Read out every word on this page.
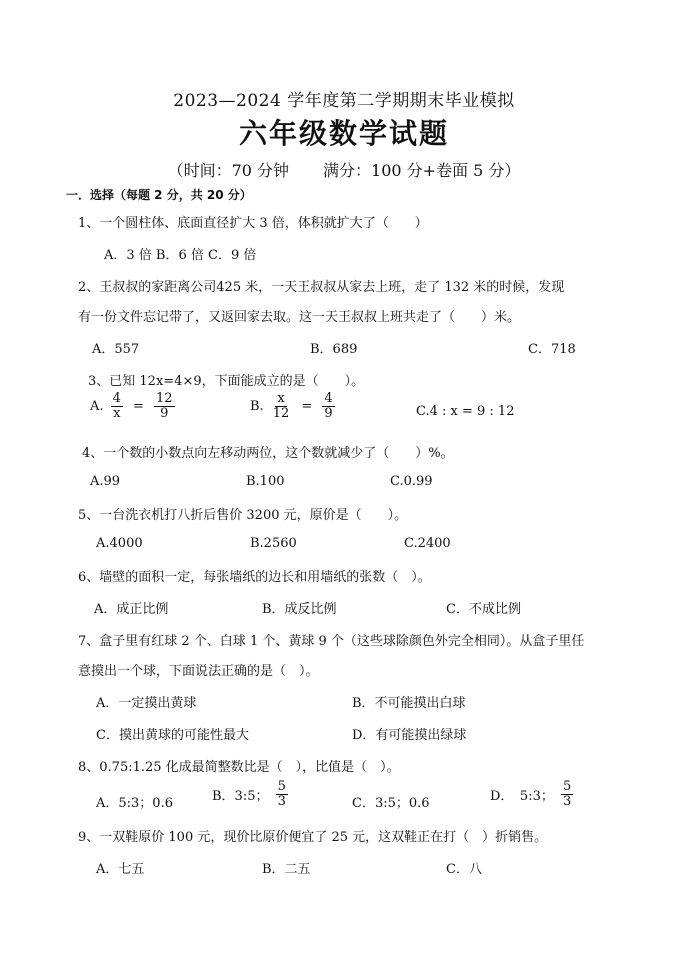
2023—2024 学年度第二学期期末毕业模拟
六年级数学试题
（时间：70 分钟 满分：100 分+卷面 5 分）
一．选择（每题 2 分，共 20 分）
1、一个圆柱体、底面直径扩大 3 倍，体积就扩大了（　　）
A．3 倍 B．6 倍 C．9 倍
2、王叔叔的家距离公司425 米，一天王叔叔从家去上班，走了 132 米的时候，发现
有一份文件忘记带了，又返回家去取。这一天王叔叔上班共走了（　　）米。
A．557	B．689	C．718
3、已知 12x=4×9，下面能成立的是（　　）。
A. $\frac{4}{x} = \frac{12}{9}$	B. $\frac{x}{12} = \frac{4}{9}$	C.4 : x = 9 : 12
4、一个数的小数点向左移动两位，这个数就减少了（　　）%。
A.99	B.100	C.0.99
5、一台洗衣机打八折后售价 3200 元，原价是（　　）。
A.4000	B.2560	C.2400
6、墙壁的面积一定，每张墙纸的边长和用墙纸的张数（　）。
A．成正比例	B．成反比例	C．不成比例
7、盒子里有红球 2 个、白球 1 个、黄球 9 个（这些球除颜色外完全相同）。从盒子里任
意摸出一个球，下面说法正确的是（　）。
A．一定摸出黄球	B．不可能摸出白球
C．摸出黄球的可能性最大	D．有可能摸出绿球
8、0.75:1.25 化成最简整数比是（　），比值是（　）。
A．5:3；0.6	B．3:5； $\frac{5}{3}$	C．3:5；0.6	D．　5:3； $\frac{5}{3}$
9、一双鞋原价 100 元，现价比原价便宜了 25 元，这双鞋正在打（　）折销售。
A．七五	B．二五	C．八
